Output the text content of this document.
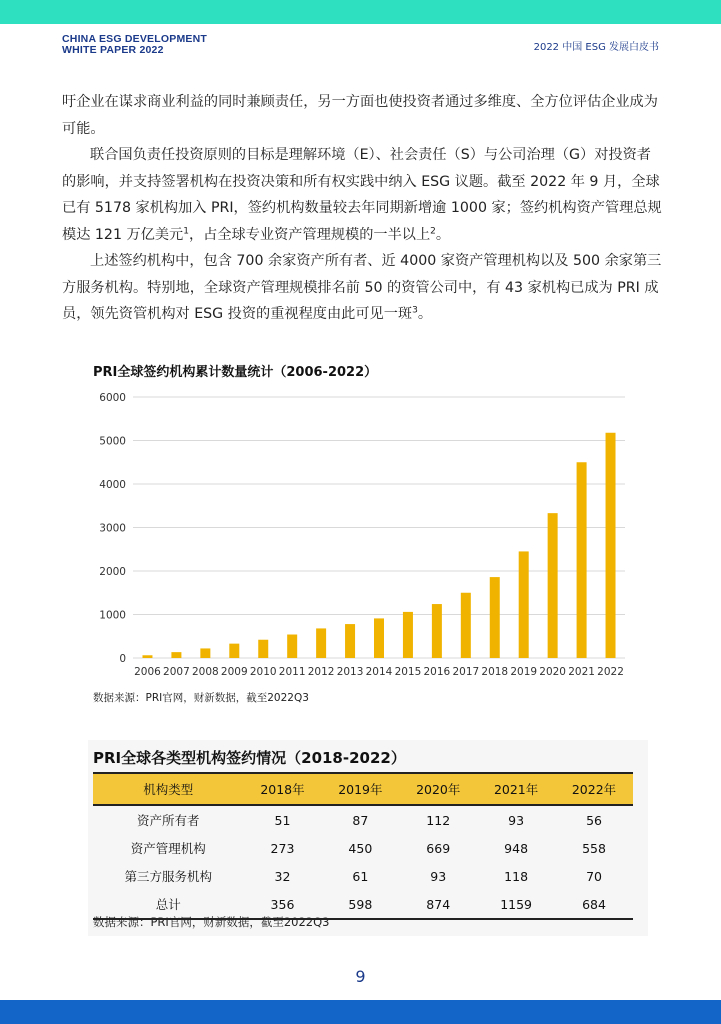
CHINA ESG DEVELOPMENT
WHITE PAPER 2022	2022 中国 ESG 发展白皮书

吁企业在谋求商业利益的同时兼顾责任，另一方面也使投资者通过多维度、全方位评估企业成为可能。

联合国负责任投资原则的目标是理解环境（E）、社会责任（S）与公司治理（G）对投资者的影响，并支持签署机构在投资决策和所有权实践中纳入 ESG 议题。截至 2022 年 9 月，全球已有 5178 家机构加入 PRI，签约机构数量较去年同期新增逾 1000 家；签约机构资产管理总规模达 121 万亿美元$^1$，占全球专业资产管理规模的一半以上$^2$。

上述签约机构中，包含 700 余家资产所有者、近 4000 家资产管理机构以及 500 余家第三方服务机构。特别地，全球资产管理规模排名前 50 的资管公司中，有 43 家机构已成为 PRI 成员，领先资管机构对 ESG 投资的重视程度由此可见一斑$^3$。

PRI全球签约机构累计数量统计（2006-2022）
0
1000
2000
3000
4000
5000
6000
2006 2007 2008 2009 2010 2011 2012 2013 2014 2015 2016 2017 2018 2019 2020 2021 2022
数据来源：PRI官网，财新数据，截至2022Q3
PRI全球各类型机构签约情况（2018-2022）
机构类型	2018年	2019年	2020年	2021年	2022年
资产所有者	51	87	112	93	56
资产管理机构	273	450	669	948	558
第三方服务机构	32	61	93	118	70
总计	356	598	874	1159	684
数据来源：PRI官网，财新数据，截至2022Q3
9
